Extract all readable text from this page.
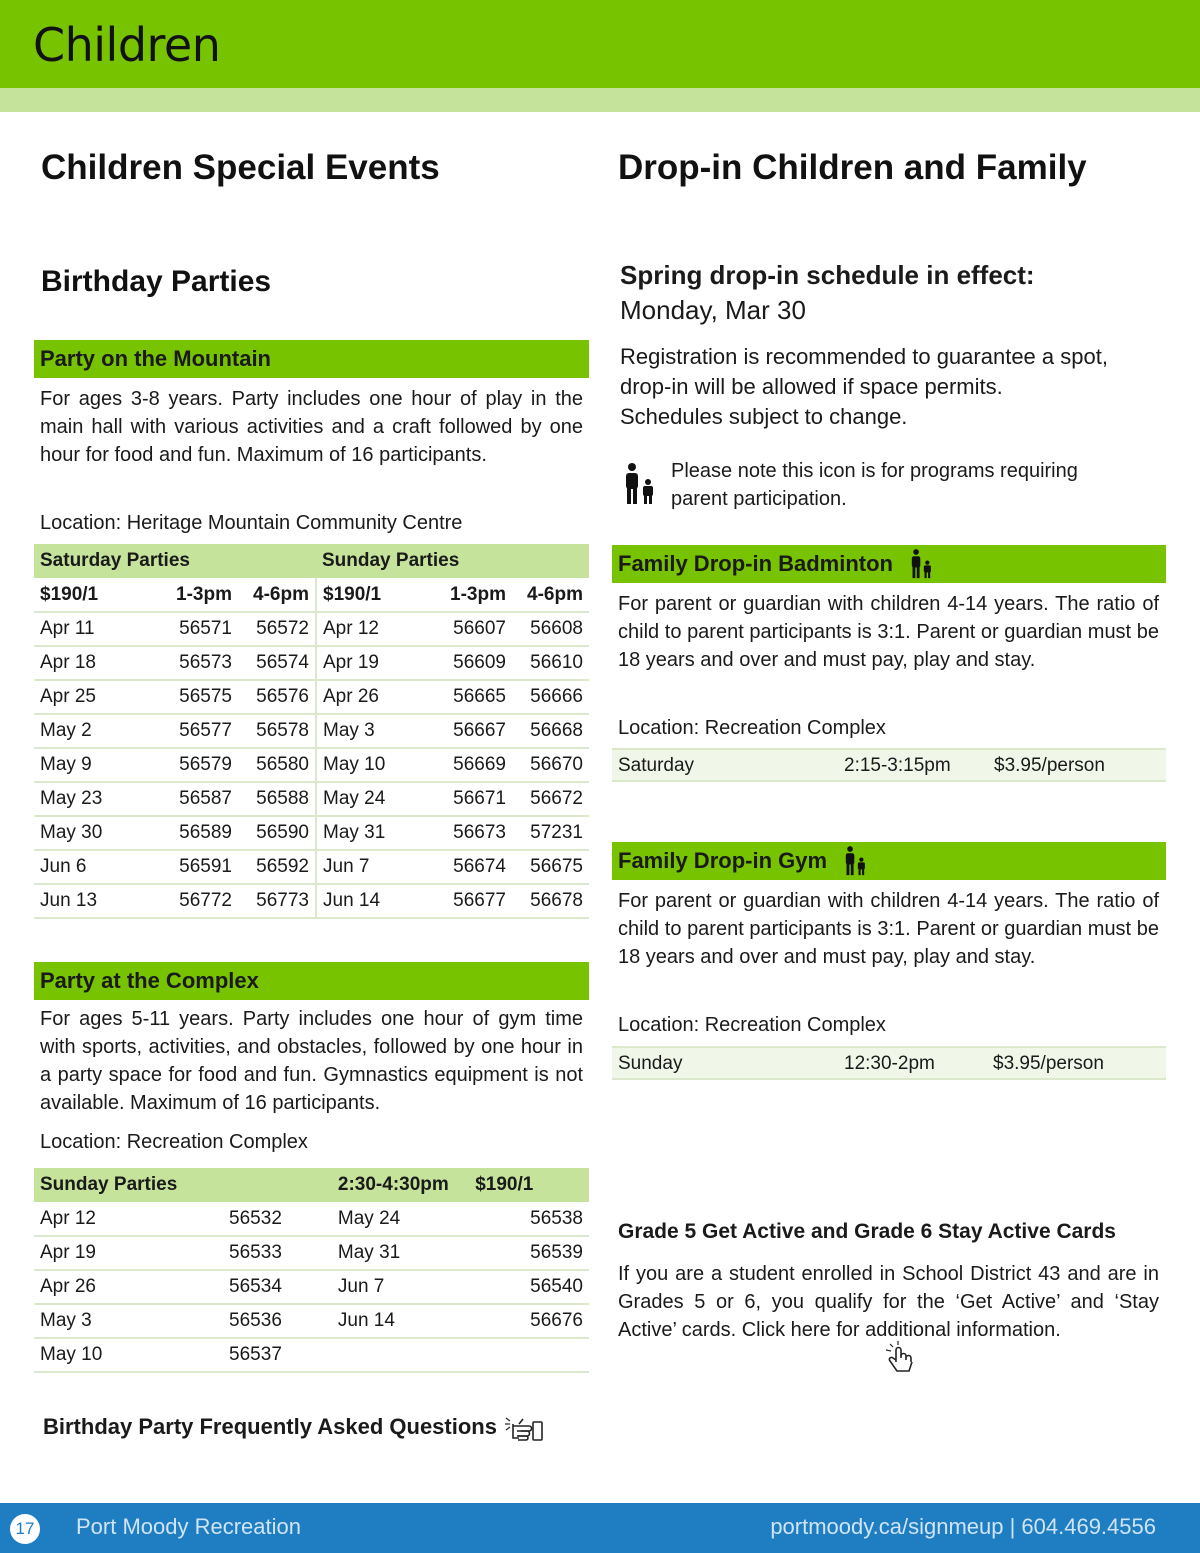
Children
Children Special Events
Birthday Parties
Party on the Mountain
For ages 3-8 years. Party includes one hour of play in the main hall with various activities and a craft followed by one hour for food and fun. Maximum of 16 participants.
Location: Heritage Mountain Community Centre
Saturday Parties			Sunday Parties		
$190/1	1-3pm	4-6pm	$190/1	1-3pm	4-6pm
Apr 11	56571	56572	Apr 12	56607	56608
Apr 18	56573	56574	Apr 19	56609	56610
Apr 25	56575	56576	Apr 26	56665	56666
May 2	56577	56578	May 3	56667	56668
May 9	56579	56580	May 10	56669	56670
May 23	56587	56588	May 24	56671	56672
May 30	56589	56590	May 31	56673	57231
Jun 6	56591	56592	Jun 7	56674	56675
Jun 13	56772	56773	Jun 14	56677	56678
Party at the Complex
For ages 5-11 years. Party includes one hour of gym time with sports, activities, and obstacles, followed by one hour in a party space for food and fun. Gymnastics equipment is not available. Maximum of 16 participants.
Location: Recreation Complex
Sunday Parties		2:30-4:30pm	$190/1
Apr 12	56532	May 24	56538
Apr 19	56533	May 31	56539
Apr 26	56534	Jun 7	56540
May 3	56536	Jun 14	56676
May 10	56537		
Birthday Party Frequently Asked Questions
Drop-in Children and Family
Spring drop-in schedule in effect:
Monday, Mar 30
Registration is recommended to guarantee a spot,
drop-in will be allowed if space permits.
Schedules subject to change.
Please note this icon is for programs requiring
parent participation.
Family Drop-in Badminton
For parent or guardian with children 4-14 years. The ratio of child to parent participants is 3:1. Parent or guardian must be 18 years and over and must pay, play and stay.
Location: Recreation Complex
Saturday	2:15-3:15pm $3.95/person
Family Drop-in Gym
For parent or guardian with children 4-14 years. The ratio of child to parent participants is 3:1. Parent or guardian must be 18 years and over and must pay, play and stay.
Location: Recreation Complex
Sunday	12:30-2pm	$3.95/person
Grade 5 Get Active and Grade 6 Stay Active Cards
If you are a student enrolled in School District 43 and are in Grades 5 or 6, you qualify for the ‘Get Active’ and ‘Stay Active’ cards. Click here for additional information.
17 Port Moody Recreation	portmoody.ca/signmeup | 604.469.4556
